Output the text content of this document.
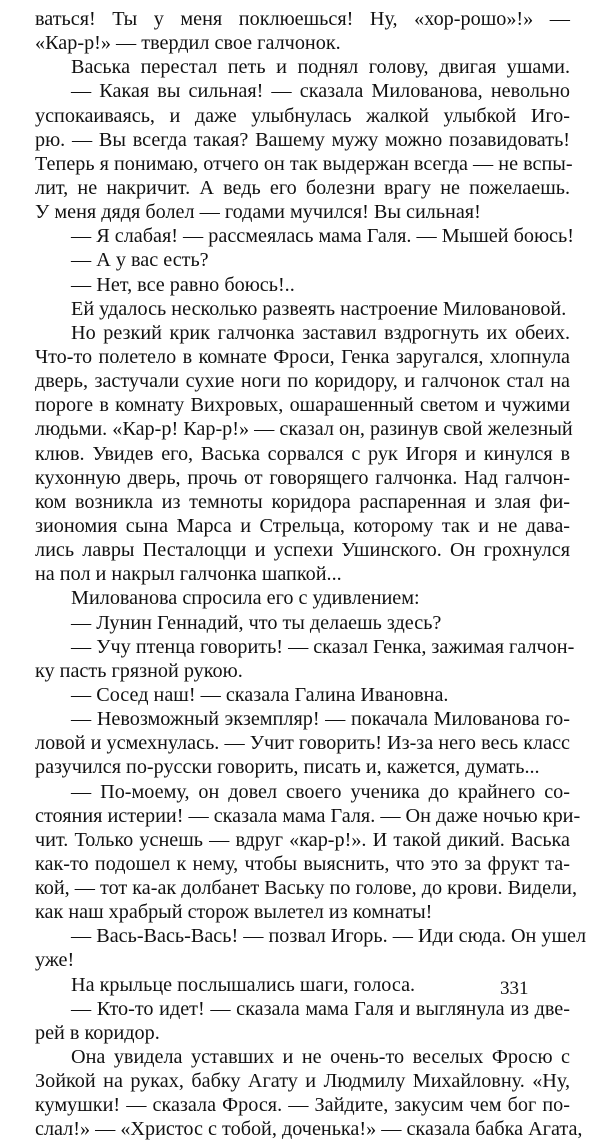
ваться! Ты у меня поклюешься! Ну, «хор-рошо»!» —
«Кар-р!» — твердил свое галчонок.
Васька перестал петь и поднял голову, двигая ушами.
— Какая вы сильная! — сказала Милованова, невольно
успокаиваясь, и даже улыбнулась жалкой улыбкой Иго-
рю. — Вы всегда такая? Вашему мужу можно позавидовать!
Теперь я понимаю, отчего он так выдержан всегда — не вспы-
лит, не накричит. А ведь его болезни врагу не пожелаешь.
У меня дядя болел — годами мучился! Вы сильная!
— Я слабая! — рассмеялась мама Галя. — Мышей боюсь!
— А у вас есть?
— Нет, все равно боюсь!..
Ей удалось несколько развеять настроение Миловановой.
Но резкий крик галчонка заставил вздрогнуть их обеих.
Что-то полетело в комнате Фроси, Генка заругался, хлопнула
дверь, застучали сухие ноги по коридору, и галчонок стал на
пороге в комнату Вихровых, ошарашенный светом и чужими
людьми. «Кар-р! Кар-р!» — сказал он, разинув свой железный
клюв. Увидев его, Васька сорвался с рук Игоря и кинулся в
кухонную дверь, прочь от говорящего галчонка. Над галчон-
ком возникла из темноты коридора распаренная и злая фи-
зиономия сына Марса и Стрельца, которому так и не дава-
лись лавры Песталоцци и успехи Ушинского. Он грохнулся
на пол и накрыл галчонка шапкой...
Милованова спросила его с удивлением:
— Лунин Геннадий, что ты делаешь здесь?
— Учу птенца говорить! — сказал Генка, зажимая галчон-
ку пасть грязной рукою.
— Сосед наш! — сказала Галина Ивановна.
— Невозможный экземпляр! — покачала Милованова го-
ловой и усмехнулась. — Учит говорить! Из-за него весь класс
разучился по-русски говорить, писать и, кажется, думать...
— По-моему, он довел своего ученика до крайнего со-
стояния истерии! — сказала мама Галя. — Он даже ночью кри-
чит. Только уснешь — вдруг «кар-р!». И такой дикий. Васька
как-то подошел к нему, чтобы выяснить, что это за фрукт та-
кой, — тот ка-ак долбанет Ваську по голове, до крови. Видели,
как наш храбрый сторож вылетел из комнаты!
— Вась-Вась-Вась! — позвал Игорь. — Иди сюда. Он ушел
уже!
На крыльце послышались шаги, голоса.
— Кто-то идет! — сказала мама Галя и выглянула из две-
рей в коридор.
Она увидела уставших и не очень-то веселых Фросю с
Зойкой на руках, бабку Агату и Людмилу Михайловну. «Ну,
кумушки! — сказала Фрося. — Зайдите, закусим чем бог по-
слал!» — «Христос с тобой, доченька!» — сказала бабка Агата,
331
